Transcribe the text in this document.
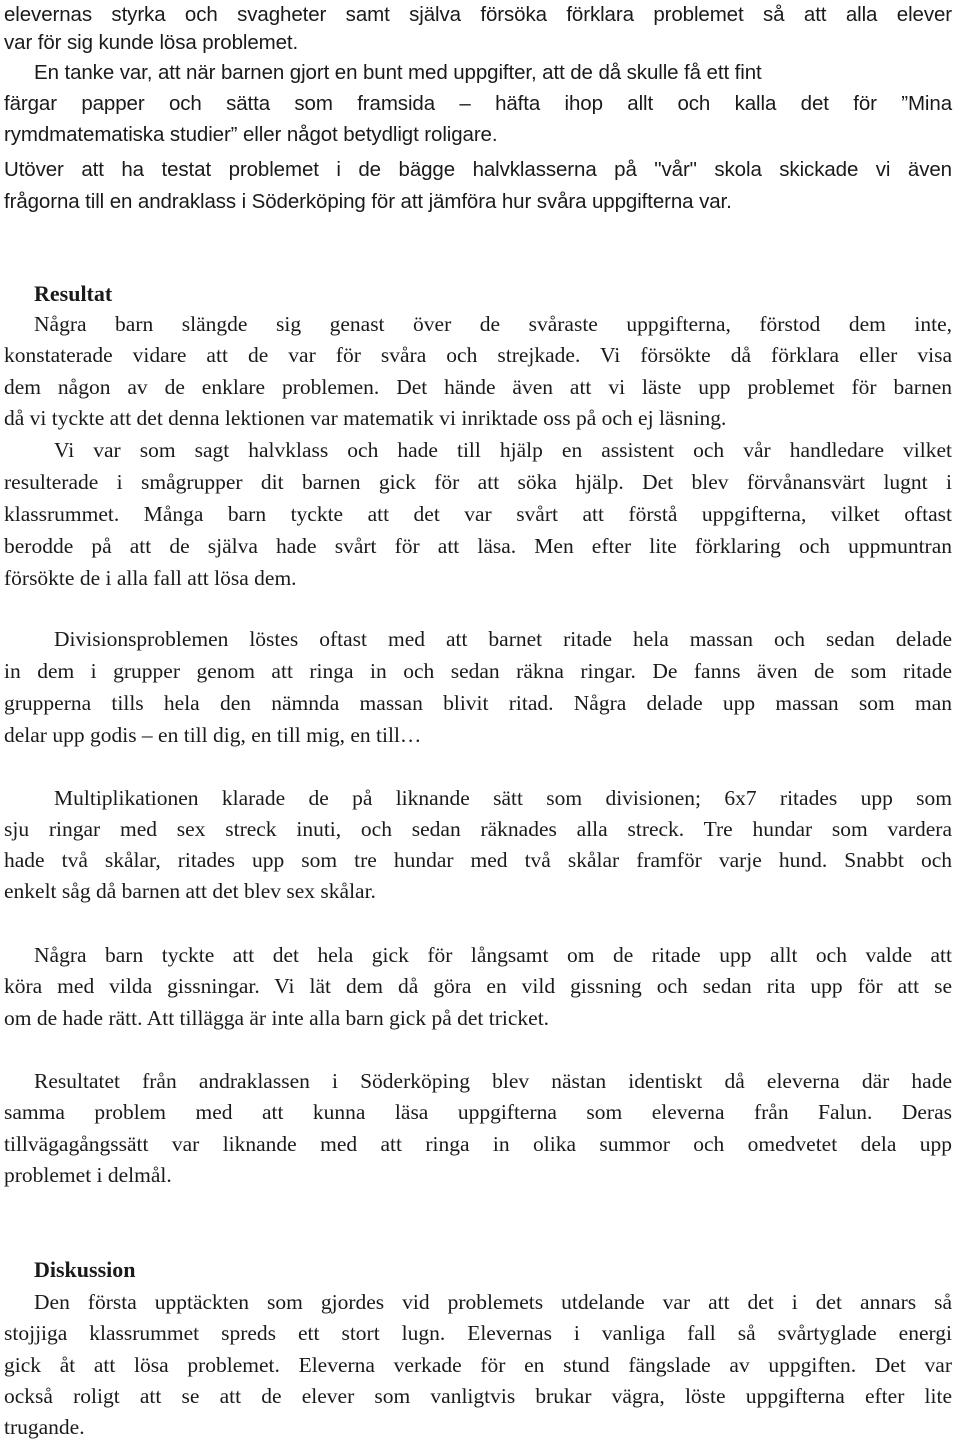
elevernas styrka och svagheter samt själva försöka förklara problemet så att alla elever
var för sig kunde lösa problemet.
En tanke var, att när barnen gjort en bunt med uppgifter, att de då skulle få ett fint
färgar papper och sätta som framsida – häfta ihop allt och kalla det för ”Mina
rymdmatematiska studier” eller något betydligt roligare.
Utöver att ha testat problemet i de bägge halvklasserna på "vår" skola skickade vi även
frågorna till en andraklass i Söderköping för att jämföra hur svåra uppgifterna var.
Resultat
Några barn slängde sig genast över de svåraste uppgifterna, förstod dem inte,
konstaterade vidare att de var för svåra och strejkade. Vi försökte då förklara eller visa
dem någon av de enklare problemen. Det hände även att vi läste upp problemet för barnen
då vi tyckte att det denna lektionen var matematik vi inriktade oss på och ej läsning.
Vi var som sagt halvklass och hade till hjälp en assistent och vår handledare vilket
resulterade i smågrupper dit barnen gick för att söka hjälp. Det blev förvånansvärt lugnt i
klassrummet. Många barn tyckte att det var svårt att förstå uppgifterna, vilket oftast
berodde på att de själva hade svårt för att läsa. Men efter lite förklaring och uppmuntran
försökte de i alla fall att lösa dem.
Divisionsproblemen löstes oftast med att barnet ritade hela massan och sedan delade
in dem i grupper genom att ringa in och sedan räkna ringar. De fanns även de som ritade
grupperna tills hela den nämnda massan blivit ritad. Några delade upp massan som man
delar upp godis – en till dig, en till mig, en till…
Multiplikationen klarade de på liknande sätt som divisionen; 6x7 ritades upp som
sju ringar med sex streck inuti, och sedan räknades alla streck. Tre hundar som vardera
hade två skålar, ritades upp som tre hundar med två skålar framför varje hund. Snabbt och
enkelt såg då barnen att det blev sex skålar.
Några barn tyckte att det hela gick för långsamt om de ritade upp allt och valde att
köra med vilda gissningar. Vi lät dem då göra en vild gissning och sedan rita upp för att se
om de hade rätt. Att tillägga är inte alla barn gick på det tricket.
Resultatet från andraklassen i Söderköping blev nästan identiskt då eleverna där hade
samma problem med att kunna läsa uppgifterna som eleverna från Falun. Deras
tillvägagångssätt var liknande med att ringa in olika summor och omedvetet dela upp
problemet i delmål.
Diskussion
Den första upptäckten som gjordes vid problemets utdelande var att det i det annars så
stojjiga klassrummet spreds ett stort lugn. Elevernas i vanliga fall så svårtyglade energi
gick åt att lösa problemet. Eleverna verkade för en stund fängslade av uppgiften. Det var
också roligt att se att de elever som vanligtvis brukar vägra, löste uppgifterna efter lite
trugande.
